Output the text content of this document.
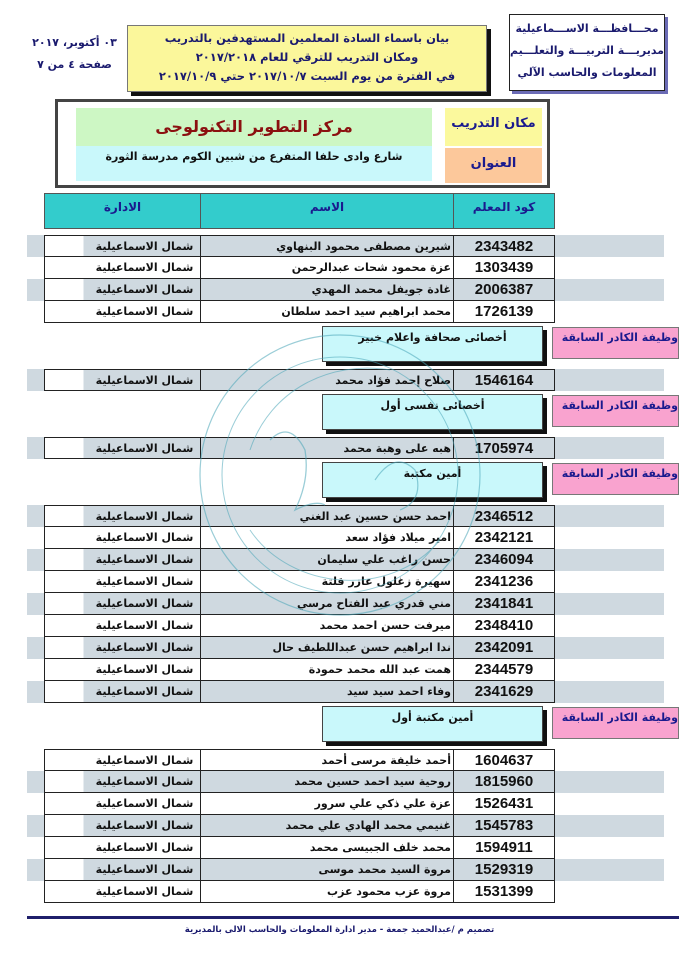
٠٣ أكتوبر، ٢٠١٧
صفحة ٤ من ٧
بيان باسماء السادة المعلمين المستهدفين بالتدريب
ومكان التدريب للترقي للعام ٢٠١٧/٢٠١٨
في الفترة من يوم السبت ٢٠١٧/١٠/٧ حتي ٢٠١٧/١٠/٩
محـــافظـــة الاســـماعيلية
مديريـــة التربيـــة والتعلـــيم
المعلومات والحاسب الآلي
مركز التطوير التكنولوجى
شارع وادى حلفا المتفرع من شبين الكوم مدرسة الثورة
مكان التدريب
العنوان
كود المعلم
الاسم
الادارة
2343482
شيرين مصطفى محمود البنهاوي
شمال الاسماعيلية
1303439
عزة محمود شحات عبدالرحمن
شمال الاسماعيلية
2006387
غادة جويفل محمد المهدي
شمال الاسماعيلية
1726139
محمد ابراهيم سيد احمد سلطان
شمال الاسماعيلية
أخصائى صحافة واعلام خبير	وظيفة الكادر السابقة
1546164
صلاح إحمد فؤاد محمد
شمال الاسماعيلية
أخصائى نفسى أول	وظيفة الكادر السابقة
1705974
هبه على وهبة محمد
شمال الاسماعيلية
أمين مكتبة	وظيفة الكادر السابقة
2346512
احمد حسن حسين عبد الغني
شمال الاسماعيلية
2342121
امير ميلاد فؤاد سعد
شمال الاسماعيلية
2346094
حسن راغب علي سليمان
شمال الاسماعيلية
2341236
سهيرة زغلول عازر قلتة
شمال الاسماعيلية
2341841
مني قدري عبد الفتاح مرسي
شمال الاسماعيلية
2348410
ميرفت حسن احمد محمد
شمال الاسماعيلية
2342091
ندا ابراهيم حسن عبداللطيف حال
شمال الاسماعيلية
2344579
همت عبد الله محمد حمودة
شمال الاسماعيلية
2341629
وفاء احمد سيد سيد
شمال الاسماعيلية
أمين مكتبة أول	وظيفة الكادر السابقة
1604637
أحمد خليفة مرسى أحمد
شمال الاسماعيلية
1815960
روحية سيد احمد حسين محمد
شمال الاسماعيلية
1526431
عزة علي ذكي علي سرور
شمال الاسماعيلية
1545783
غنيمي محمد الهادي علي محمد
شمال الاسماعيلية
1594911
محمد خلف الجبيسى محمد
شمال الاسماعيلية
1529319
مروة السيد محمد موسى
شمال الاسماعيلية
1531399
مروة عزب محمود عزب
شمال الاسماعيلية
تصميم م /عبدالحميد جمعة - مدير ادارة المعلومات والحاسب الالى بالمديرية
